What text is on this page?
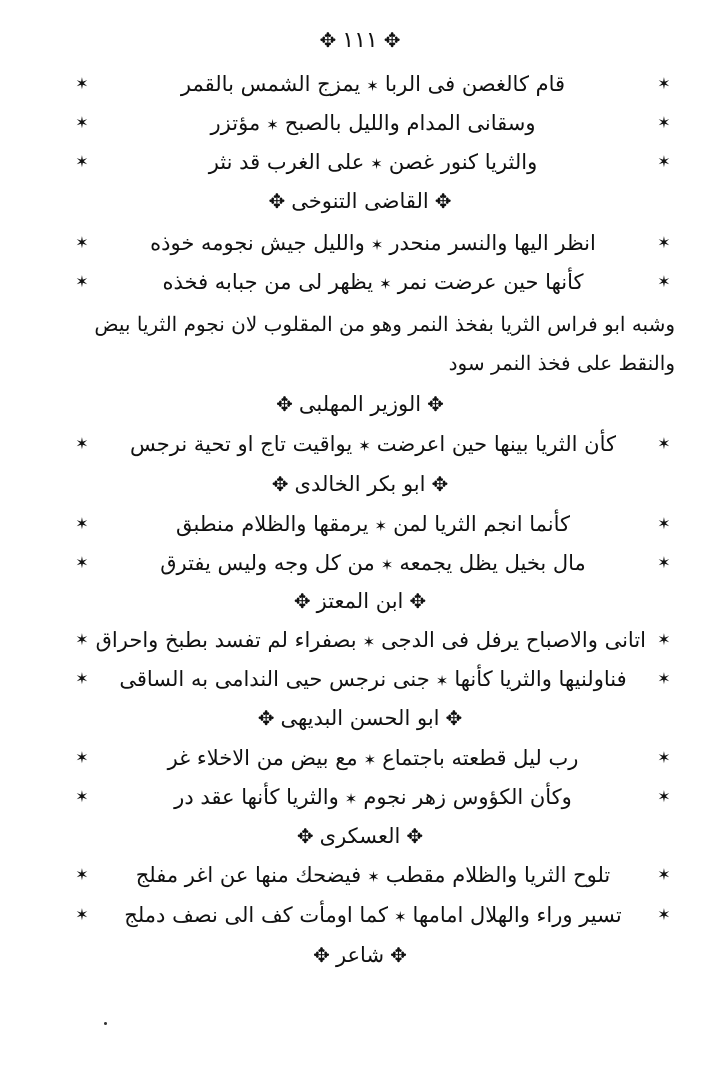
✥١١١✥
✶
قام كالغصن فى الربا✶يمزج الشمس بالقمر
✶
✶
وسقانى المدام والليل بالصبح✶مؤتزر
✶
✶
والثريا كنور غصن✶على الغرب قد نثر
✶
✥القاضى التنوخى✥
✶
انظر اليها والنسر منحدر✶والليل جيش نجومه خوذه
✶
✶
كأنها حين عرضت نمر✶يظهر لى من جبابه فخذه
✶
وشبه ابو فراس الثريا بفخذ النمر وهو من المقلوب لان نجوم الثريا بيض
والنقط على فخذ النمر سود
✥الوزير المهلبى✥
✶
كأن الثريا بينها حين اعرضت✶يواقيت تاج او تحية نرجس
✶
✥ابو بكر الخالدى✥
✶
كأنما انجم الثريا لمن✶يرمقها والظلام منطبق
✶
✶
مال بخيل يظل يجمعه✶من كل وجه وليس يفترق
✶
✥ابن المعتز✥
✶
اتانى والاصباح يرفل فى الدجى✶بصفراء لم تفسد بطبخ واحراق
✶
✶
فناولنيها والثريا كأنها✶جنى نرجس حيى الندامى به الساقى
✶
✥ابو الحسن البديهى✥
✶
رب ليل قطعته باجتماع✶مع بيض من الاخلاء غر
✶
✶
وكأن الكؤوس زهر نجوم✶والثريا كأنها عقد در
✶
✥العسكرى✥
✶
تلوح الثريا والظلام مقطب✶فيضحك منها عن اغر مفلج
✶
✶
تسير وراء والهلال امامها✶كما اومأت كف الى نصف دملج
✶
✥شاعر✥
